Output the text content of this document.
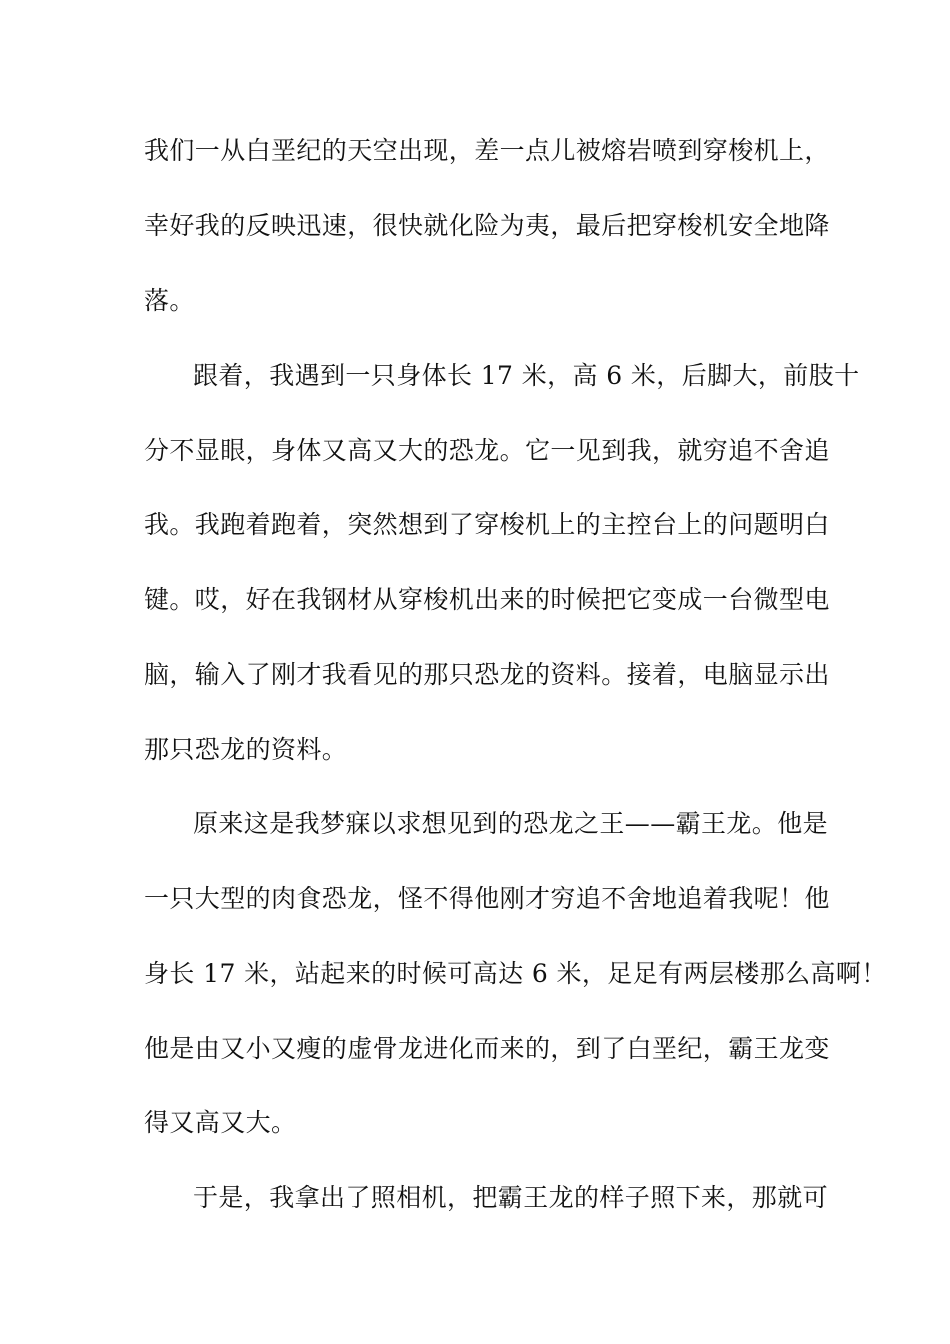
我们一从白垩纪的天空出现，差一点儿被熔岩喷到穿梭机上，
幸好我的反映迅速，很快就化险为夷，最后把穿梭机安全地降
落。
跟着，我遇到一只身体长 17 米，高 6 米，后脚大，前肢十
分不显眼，身体又高又大的恐龙。它一见到我，就穷追不舍追
我。我跑着跑着，突然想到了穿梭机上的主控台上的问题明白
键。哎，好在我钢材从穿梭机出来的时候把它变成一台微型电
脑，输入了刚才我看见的那只恐龙的资料。接着，电脑显示出
那只恐龙的资料。
原来这是我梦寐以求想见到的恐龙之王——霸王龙。他是
一只大型的肉食恐龙，怪不得他刚才穷追不舍地追着我呢！他
身长 17 米，站起来的时候可高达 6 米，足足有两层楼那么高啊！
他是由又小又瘦的虚骨龙进化而来的，到了白垩纪，霸王龙变
得又高又大。
于是，我拿出了照相机，把霸王龙的样子照下来，那就可
